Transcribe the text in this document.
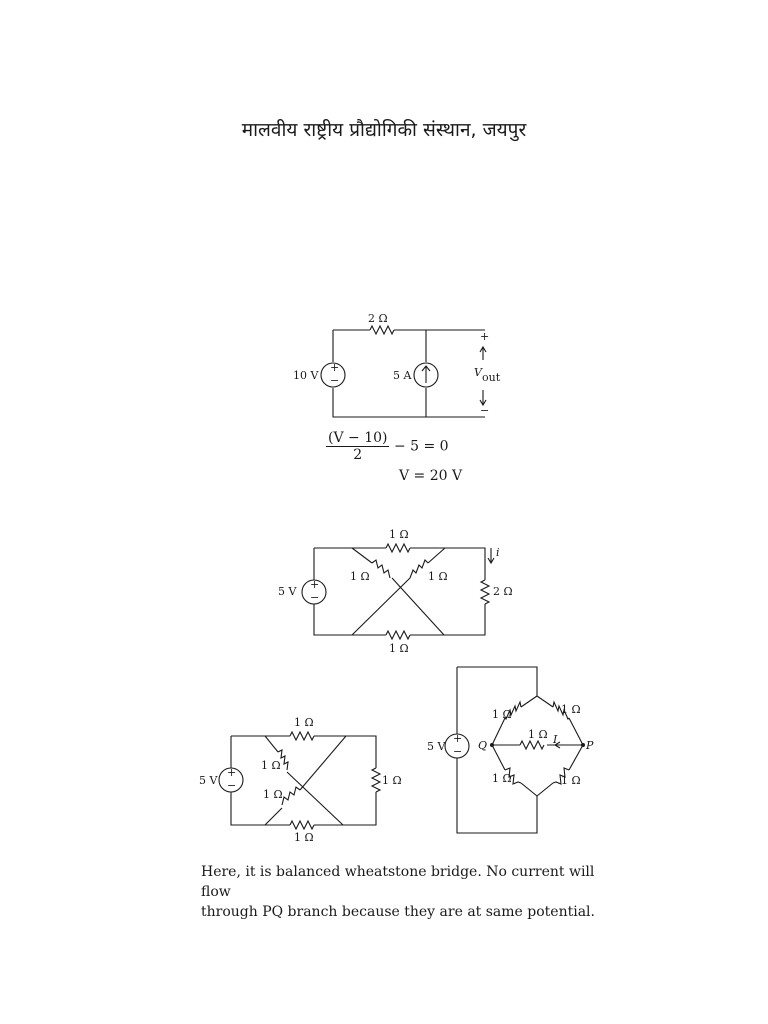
मालवीय राष्ट्रीय प्रौद्योगिकी संस्थान, जयपुर
+
−
2 Ω
10 V	5 A
+
−
V out
$\frac{(V - 10)}{2} - 5 = 0$
V = 20 V
+
−
1 Ω
1 Ω	1 Ω
1 Ω
2 Ω
5 V
i
+
−
1 Ω
1 Ω
1 Ω
1 Ω
1 Ω
5 V
+
−
5 V	Q	P
I
1 Ω	1 Ω
1 Ω
1 Ω	1 Ω

Here, it is balanced wheatstone bridge. No current will flow

through PQ branch because they are at same potential.
